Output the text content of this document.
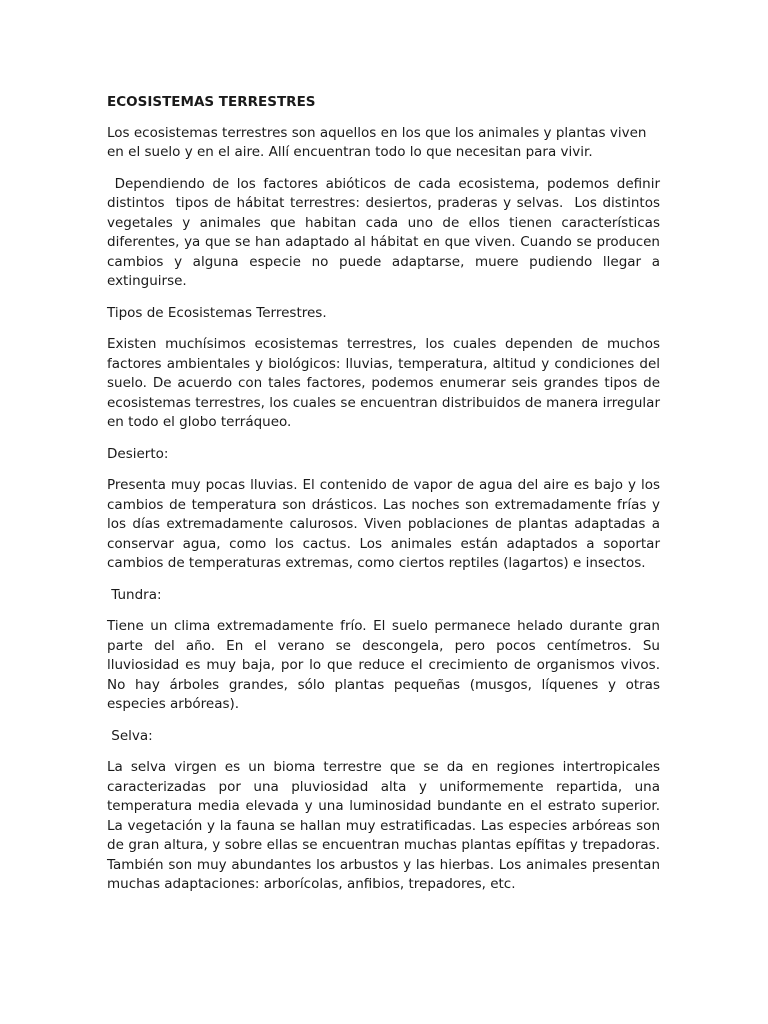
ECOSISTEMAS TERRESTRES

Los ecosistemas terrestres son aquellos en los que los animales y plantas viven en el suelo y en el aire. Allí encuentran todo lo que necesitan para vivir.

Dependiendo de los factores abióticos de cada ecosistema, podemos definir distintos  tipos de hábitat terrestres: desiertos, praderas y selvas.  Los distintos vegetales y animales que habitan cada uno de ellos tienen características diferentes, ya que se han adaptado al hábitat en que viven. Cuando se producen  cambios y alguna especie no puede adaptarse, muere pudiendo llegar a extinguirse.

Tipos de Ecosistemas Terrestres.

Existen muchísimos ecosistemas terrestres, los cuales dependen de muchos factores ambientales y biológicos: lluvias, temperatura, altitud y condiciones del suelo. De acuerdo con tales factores, podemos enumerar seis grandes tipos de ecosistemas terrestres, los cuales se encuentran distribuidos de manera irregular en todo el globo terráqueo.

Desierto:

Presenta muy pocas lluvias. El contenido de vapor de agua del aire es bajo y los cambios de temperatura son drásticos. Las noches son extremadamente frías y los días extremadamente calurosos. Viven poblaciones de plantas adaptadas a conservar agua, como los cactus. Los animales están adaptados a soportar cambios de temperaturas extremas, como ciertos reptiles (lagartos) e insectos.

Tundra:

Tiene un clima extremadamente frío. El suelo permanece helado durante gran parte del año. En el verano se descongela, pero pocos centímetros. Su lluviosidad es muy baja, por lo que reduce el crecimiento de organismos vivos. No hay árboles grandes, sólo plantas pequeñas (musgos, líquenes y otras especies arbóreas).

Selva:

La selva virgen es un bioma terrestre que se da en regiones intertropicales caracterizadas por una pluviosidad alta y uniformemente repartida, una temperatura media elevada y una luminosidad bundante en el estrato superior. La vegetación y la fauna se hallan muy estratificadas. Las especies arbóreas son de gran altura, y sobre ellas se encuentran muchas plantas epífitas y trepadoras. También son muy abundantes los arbustos y las hierbas. Los animales presentan muchas adaptaciones: arborícolas, anfibios, trepadores, etc.
